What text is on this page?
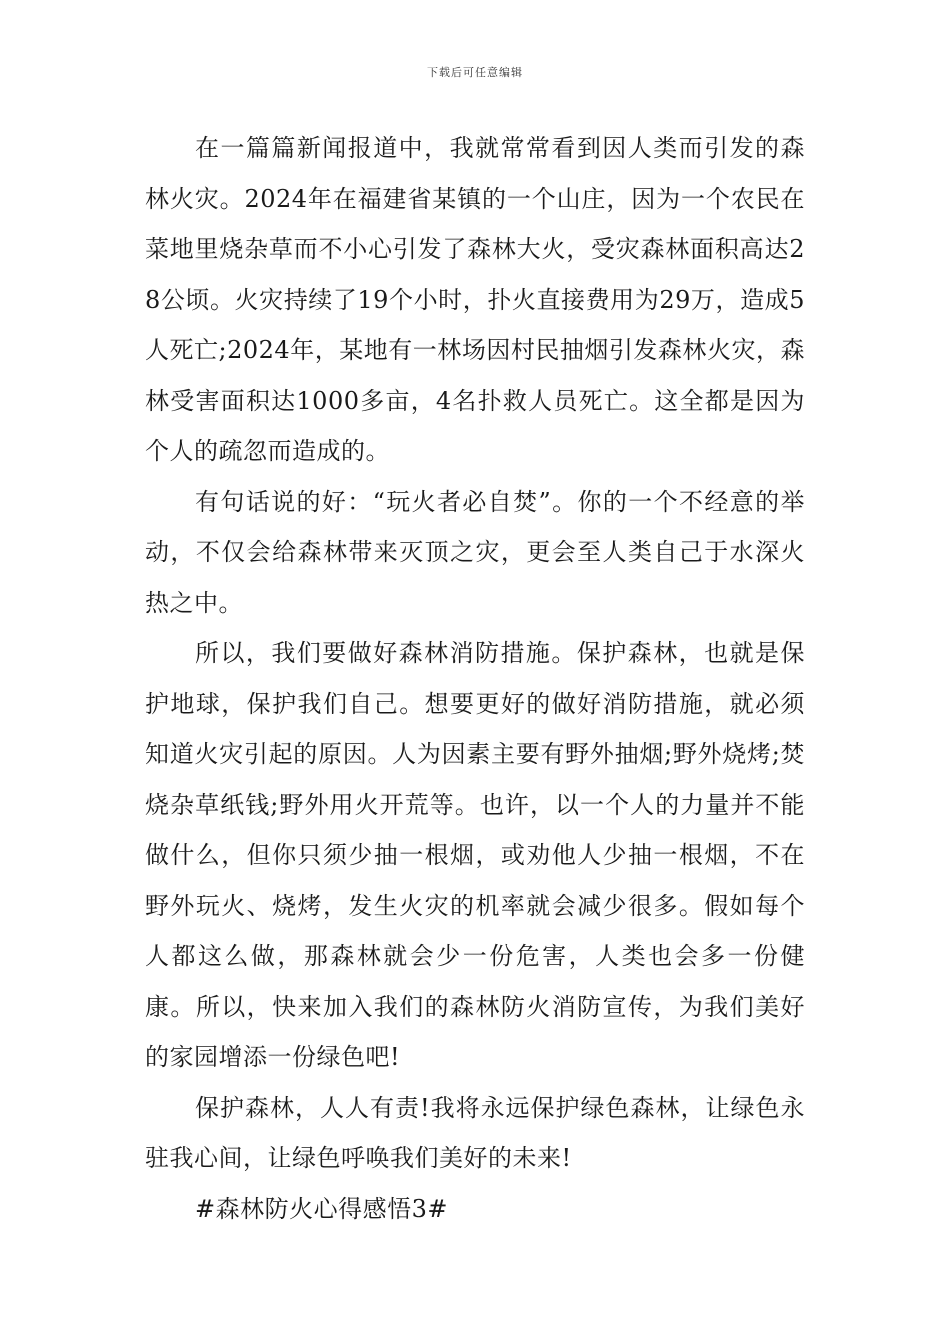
下载后可任意编辑

在一篇篇新闻报道中，我就常常看到因人类而引发的森林火灾。2024年在福建省某镇的一个山庄，因为一个农民在菜地里烧杂草而不小心引发了森林大火，受灾森林面积高达28公顷。火灾持续了19个小时，扑火直接费用为29万，造成5人死亡;2024年，某地有一林场因村民抽烟引发森林火灾，森林受害面积达1000多亩，4名扑救人员死亡。这全都是因为个人的疏忽而造成的。

有句话说的好：“玩火者必自焚”。你的一个不经意的举动，不仅会给森林带来灭顶之灾，更会至人类自己于水深火热之中。

所以，我们要做好森林消防措施。保护森林，也就是保护地球，保护我们自己。想要更好的做好消防措施，就必须知道火灾引起的原因。人为因素主要有野外抽烟;野外烧烤;焚烧杂草纸钱;野外用火开荒等。也许，以一个人的力量并不能做什么，但你只须少抽一根烟，或劝他人少抽一根烟，不在野外玩火、烧烤，发生火灾的机率就会减少很多。假如每个人都这么做，那森林就会少一份危害，人类也会多一份健康。所以，快来加入我们的森林防火消防宣传，为我们美好的家园增添一份绿色吧!

保护森林，人人有责!我将永远保护绿色森林，让绿色永驻我心间，让绿色呼唤我们美好的未来!

#森林防火心得感悟3#
